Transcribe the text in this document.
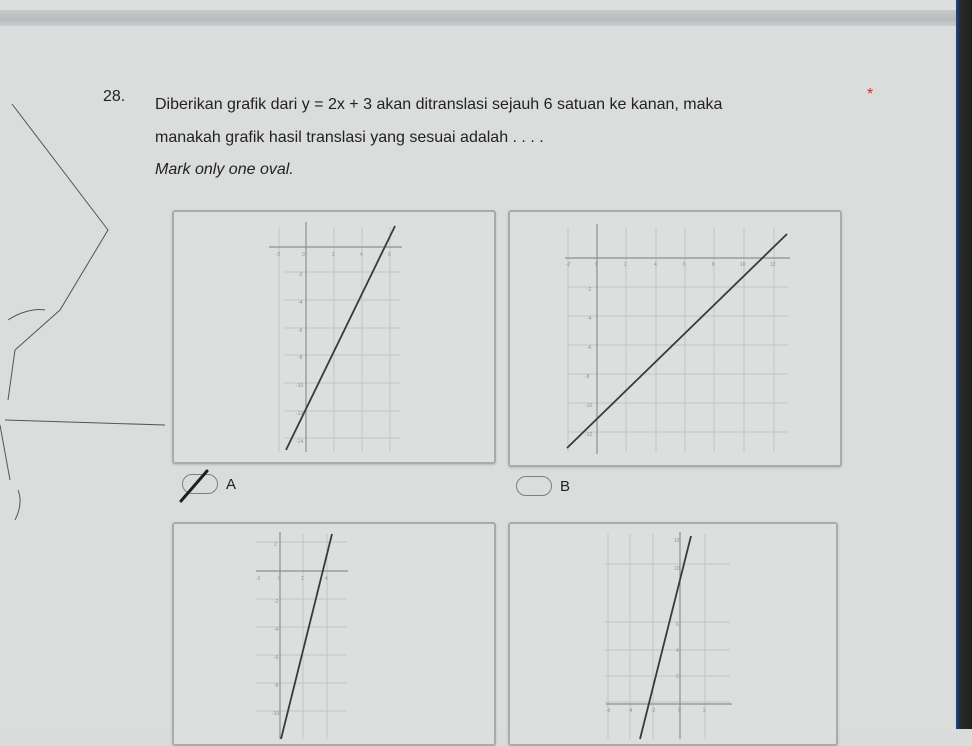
28. Diberikan grafik dari y = 2x + 3 akan ditranslasi sejauh 6 satuan ke kanan, maka
manakah grafik hasil translasi yang sesuai adalah . . . .
*
Mark only one oval.
-2	0	2	4	6
-2
-4
-6
-8
-10
-12
-14
-2	0	2	4	6	8	10	12
-2
-4
-6
-8
-10
-12
A	B
-2	0	2	4
2
-2
-4
-6
-8
-10	-6	-4	-2	0	2
12
10
6
4
2
